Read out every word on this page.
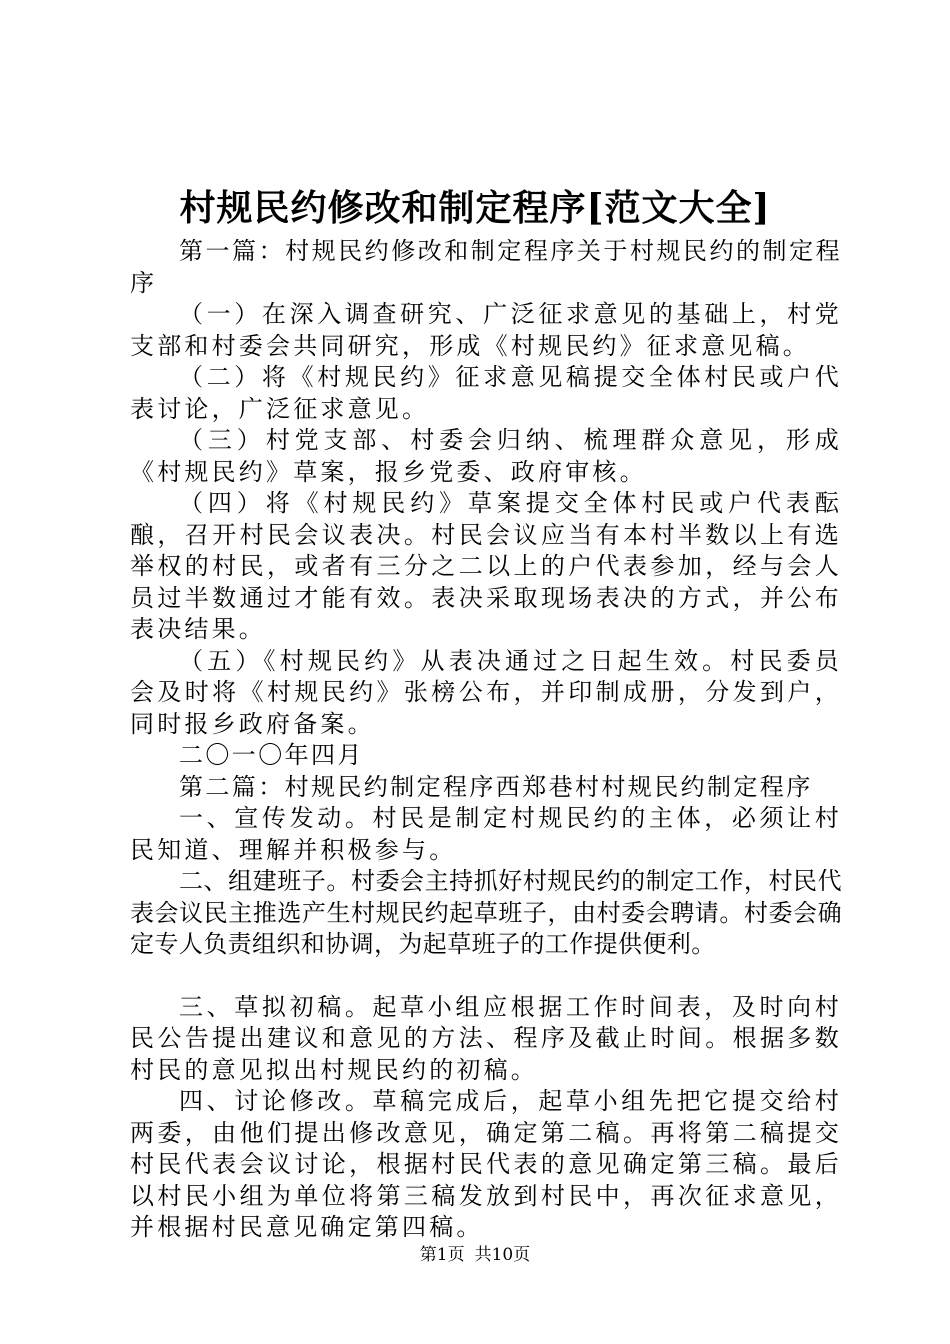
村规民约修改和制定程序[范文大全]

第一篇：村规民约修改和制定程序关于村规民约的制定程序

（一）在深入调查研究、广泛征求意见的基础上，村党支部和村委会共同研究，形成《村规民约》征求意见稿。

（二）将《村规民约》征求意见稿提交全体村民或户代表讨论，广泛征求意见。

（三）村党支部、村委会归纳、梳理群众意见，形成《村规民约》草案，报乡党委、政府审核。

（四）将《村规民约》草案提交全体村民或户代表酝酿，召开村民会议表决。村民会议应当有本村半数以上有选举权的村民，或者有三分之二以上的户代表参加，经与会人员过半数通过才能有效。表决采取现场表决的方式，并公布表决结果。

（五）《村规民约》从表决通过之日起生效。村民委员会及时将《村规民约》张榜公布，并印制成册，分发到户，同时报乡政府备案。

二〇一〇年四月

第二篇：村规民约制定程序西郑巷村村规民约制定程序

一、宣传发动。村民是制定村规民约的主体，必须让村民知道、理解并积极参与。

二、组建班子。村委会主持抓好村规民约的制定工作，村民代表会议民主推选产生村规民约起草班子，由村委会聘请。村委会确定专人负责组织和协调，为起草班子的工作提供便利。

三、草拟初稿。起草小组应根据工作时间表，及时向村民公告提出建议和意见的方法、程序及截止时间。根据多数村民的意见拟出村规民约的初稿。

四、讨论修改。草稿完成后，起草小组先把它提交给村两委，由他们提出修改意见，确定第二稿。再将第二稿提交村民代表会议讨论，根据村民代表的意见确定第三稿。最后以村民小组为单位将第三稿发放到村民中，再次征求意见，并根据村民意见确定第四稿。

第1页 共10页
